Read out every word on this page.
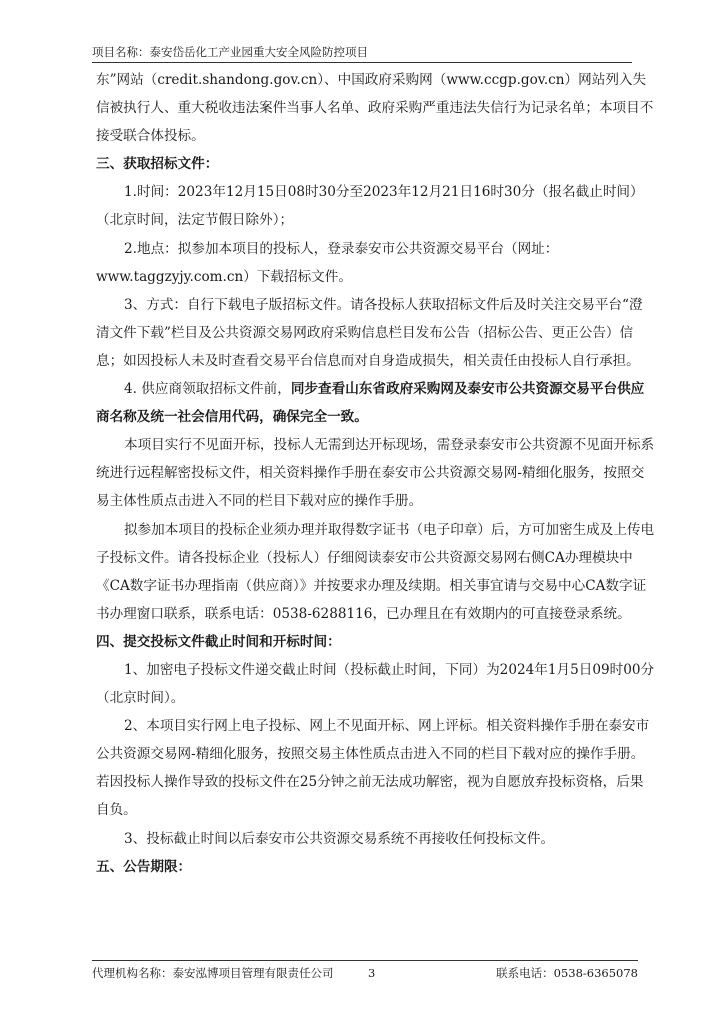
项目名称：泰安岱岳化工产业园重大安全风险防控项目

东”网站（credit.shandong.gov.cn）、中国政府采购网（www.ccgp.gov.cn）网站列入失信被执行人、重大税收违法案件当事人名单、政府采购严重违法失信行为记录名单；本项目不接受联合体投标。

三、获取招标文件：

1.时间：2023年12月15日08时30分至2023年12月21日16时30分（报名截止时间）（北京时间，法定节假日除外）；

2.地点：拟参加本项目的投标人，登录泰安市公共资源交易平台（网址：www.taggzyjy.com.cn）下载招标文件。

3、方式：自行下载电子版招标文件。请各投标人获取招标文件后及时关注交易平台“澄清文件下载”栏目及公共资源交易网政府采购信息栏目发布公告（招标公告、更正公告）信息；如因投标人未及时查看交易平台信息而对自身造成损失，相关责任由投标人自行承担。

4. 供应商领取招标文件前，同步查看山东省政府采购网及泰安市公共资源交易平台供应商名称及统一社会信用代码，确保完全一致。

本项目实行不见面开标，投标人无需到达开标现场，需登录泰安市公共资源不见面开标系统进行远程解密投标文件，相关资料操作手册在泰安市公共资源交易网-精细化服务，按照交易主体性质点击进入不同的栏目下载对应的操作手册。

拟参加本项目的投标企业须办理并取得数字证书（电子印章）后，方可加密生成及上传电子投标文件。请各投标企业（投标人）仔细阅读泰安市公共资源交易网右侧CA办理模块中《CA数字证书办理指南（供应商）》并按要求办理及续期。相关事宜请与交易中心CA数字证书办理窗口联系，联系电话：0538-6288116，已办理且在有效期内的可直接登录系统。

四、提交投标文件截止时间和开标时间：

1、加密电子投标文件递交截止时间（投标截止时间，下同）为2024年1月5日09时00分（北京时间）。

2、本项目实行网上电子投标、网上不见面开标、网上评标。相关资料操作手册在泰安市公共资源交易网-精细化服务，按照交易主体性质点击进入不同的栏目下载对应的操作手册。若因投标人操作导致的投标文件在25分钟之前无法成功解密，视为自愿放弃投标资格，后果自负。

3、投标截止时间以后泰安市公共资源交易系统不再接收任何投标文件。

五、公告期限：

代理机构名称：泰安泓博项目管理有限责任公司	3	联系电话：0538-6365078
